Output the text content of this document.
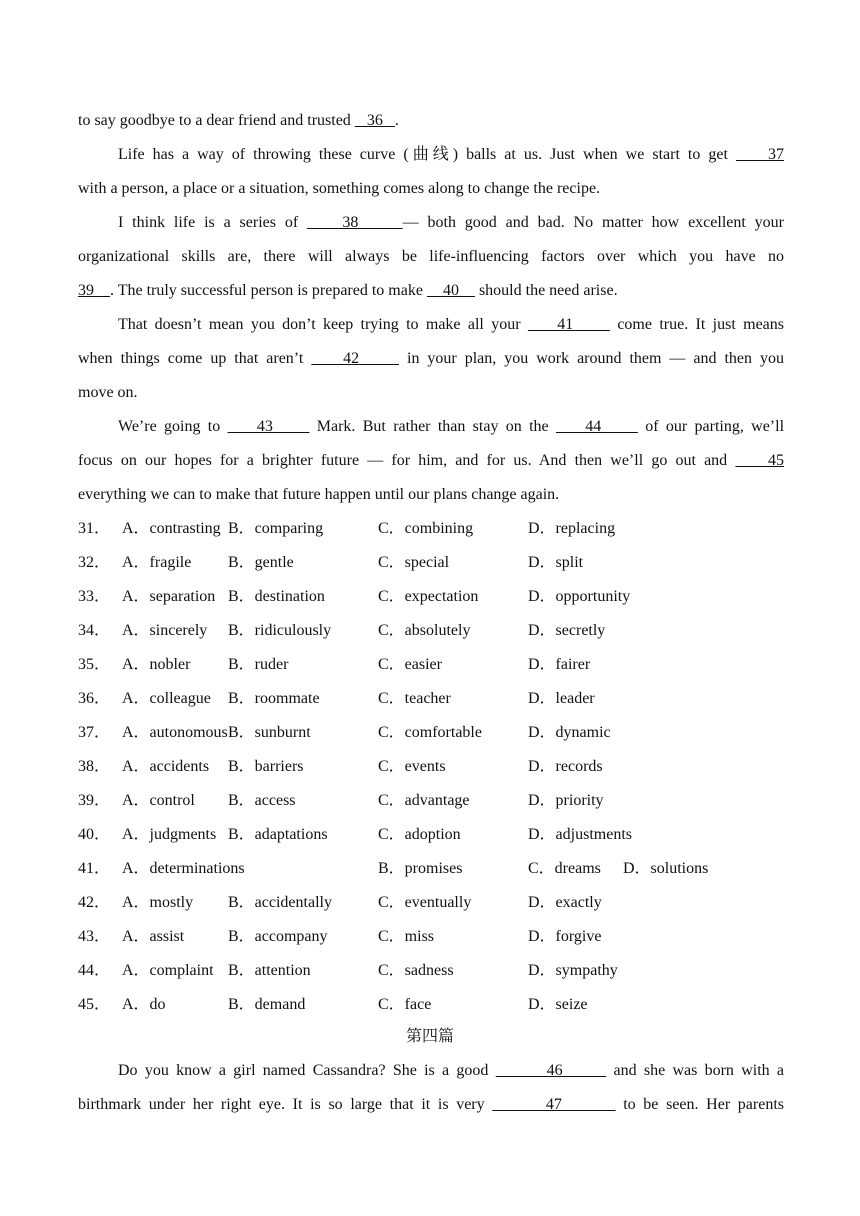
to say goodbye to a dear friend and trusted    36   .
Life has a way of throwing these curve (曲线) balls at us. Just when we start to get     37
with a person, a place or a situation, something comes along to change the recipe.
I think life is a series of     38     — both good and bad. No matter how excellent your
organizational skills are, there will always be life-influencing factors over which you have no
39    . The truly successful person is prepared to make     40     should the need arise.
That doesn’t mean you don’t keep trying to make all your     41      come true. It just means
when things come up that aren’t     42      in your plan, you work around them — and then you
move on.
We’re going to     43      Mark. But rather than stay on the     44      of our parting, we’ll
focus on our hopes for a brighter future — for him, and for us. And then we’ll go out and     45
everything we can to make that future happen until our plans change again.
31． A．contrasting B．comparing	C．combining	D．replacing
32． A．fragile B．gentle	C．special	D．split
33． A．separation B．destination	C．expectation	D．opportunity
34． A．sincerely B．ridiculously	C．absolutely	D．secretly
35． A．nobler B．ruder	C．easier	D．fairer
36． A．colleague B．roommate	C．teacher	D．leader
37． A．autonomous B．sunburnt	C．comfortable	D．dynamic
38． A．accidents B．barriers	C．events	D．records
39． A．control B．access	C．advantage	D．priority
40． A．judgments B．adaptations	C．adoption	D．adjustments
41． A．determinations	B．promises	C．dreams D．solutions
42． A．mostly B．accidentally	C．eventually	D．exactly
43． A．assist	B．accompany	C．miss	D．forgive
44． A．complaint B．attention	C．sadness	D．sympathy
45． A．do	B．demand	C．face	D．seize
第四篇
Do you know a girl named Cassandra? She is a good        46       and she was born with a
birthmark under her right eye. It is so large that it is very        47        to be seen. Her parents
